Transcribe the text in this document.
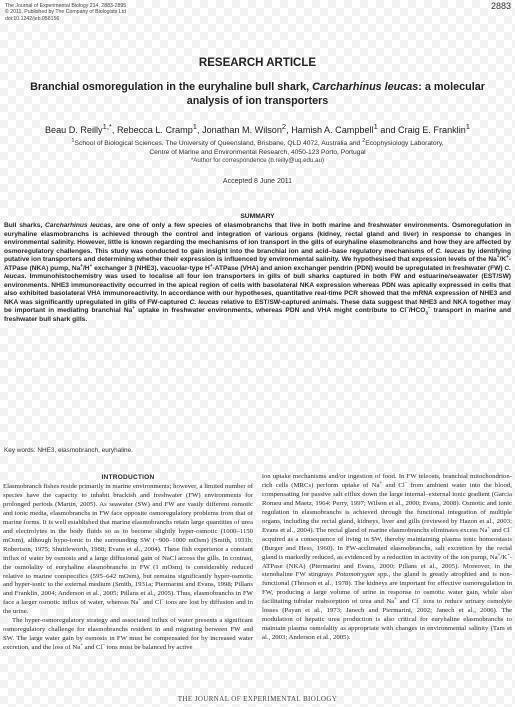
The Journal of Experimental Biology 214, 2883-2895
© 2011. Published by The Company of Biologists Ltd
doi:10.1242/jeb.058156
2883
RESEARCH ARTICLE
Branchial osmoregulation in the euryhaline bull shark, Carcharhinus leucas: a molecular analysis of ion transporters
Beau D. Reilly$^{1,*}$, Rebecca L. Cramp$^1$, Jonathan M. Wilson$^2$, Hamish A. Campbell$^1$ and Craig E. Franklin$^1$
$^1$School of Biological Sciences, The University of Queensland, Brisbane, QLD 4072, Australia and $^2$Ecophysiology Laboratory,
Centre of Marine and Environmental Research, 4050-123 Porto, Portugal
*Author for correspondence (b.reilly@uq.edu.au)
Accepted 8 June 2011
SUMMARY
Bull sharks, Carcharhinus leucas, are one of only a few species of elasmobranchs that live in both marine and freshwater environments. Osmoregulation in euryhaline elasmobranchs is achieved through the control and integration of various organs (kidney, rectal gland and liver) in response to changes in environmental salinity. However, little is known regarding the mechanisms of ion transport in the gills of euryhaline elasmobranchs and how they are affected by osmoregulatory challenges. This study was conducted to gain insight into the branchial ion and acid–base regulatory mechanisms of C. leucas by identifying putative ion transporters and determining whether their expression is influenced by environmental salinity. We hypothesised that expression levels of the Na+/K+-ATPase (NKA) pump, Na+/H+ exchanger 3 (NHE3), vacuolar-type H+-ATPase (VHA) and anion exchanger pendrin (PDN) would be upregulated in freshwater (FW) C. leucas. Immunohistochemistry was used to localise all four ion transporters in gills of bull sharks captured in both FW and estuarine/seawater (EST/SW) environments. NHE3 immunoreactivity occurred in the apical region of cells with basolateral NKA expression whereas PDN was apically expressed in cells that also exhibited basolateral VHA immunoreactivity. In accordance with our hypotheses, quantitative real-time PCR showed that the mRNA expression of NHE3 and NKA was significantly upregulated in gills of FW-captured C. leucas relative to EST/SW-captured animals. These data suggest that NHE3 and NKA together may be important in mediating branchial Na+ uptake in freshwater environments, whereas PDN and VHA might contribute to $Cl^-/HCO_3^-$ transport in marine and freshwater bull shark gills.
Key words: NHE3, elasmobranch, euryhaline.
INTRODUCTION

Elasmobranch fishes reside primarily in marine environments; however, a limited number of species have the capacity to inhabit brackish and freshwater (FW) environments for prolonged periods (Martin, 2005). As seawater (SW) and FW are vastly different osmotic and ionic media, elasmobranchs in FW face opposite osmoregulatory problems from that of marine forms. It is well established that marine elasmobranchs retain large quantities of urea and electrolytes in the body fluids so as to become slightly hyper-osmotic (1000–1150 mOsm), although hypo-ionic to the surrounding SW (~900–1000 mOsm) (Smith, 1931b; Robertson, 1975; Shuttleworth, 1988; Evans et al., 2004). These fish experience a constant influx of water by osmosis and a large diffusional gain of NaCl across the gills. In contrast, the osmolality of euryhaline elasmobranchs in FW (1 mOsm) is considerably reduced relative to marine conspecifics (595–642 mOsm), but remains significantly hyper-osmotic and hyper-ionic to the external medium (Smith, 1931a; Piermarini and Evans, 1998; Pillans and Franklin, 2004; Anderson et al., 2005; Pillans et al., 2005). Thus, elasmobranchs in FW face a larger osmotic influx of water, whereas Na+ and Cl– ions are lost by diffusion and in the urine.

The hyper-osmoregulatory strategy and associated influx of water presents a significant osmoregulatory challenge for elasmobranchs resident in and migrating between FW and SW. The large water gain by osmosis in FW must be compensated for by increased water excretion, and the loss of Na+ and Cl– ions must be balanced by active

ion uptake mechanisms and/or ingestion of food. In FW teleosts, branchial mitochondrion-rich cells (MRCs) perform uptake of Na+ and Cl– from ambient water into the blood, compensating for passive salt efflux down the large internal–external ionic gradient (Garcia Romeu and Maetz, 1964; Perry, 1997; Wilson et al., 2000; Evans, 2008). Osmotic and ionic regulation in elasmobranchs is achieved through the functional integration of multiple organs, including the rectal gland, kidneys, liver and gills (reviewed by Hazon et al., 2003; Evans et al., 2004). The rectal gland of marine elasmobranchs eliminates excess Na+ and Cl– acquired as a consequence of living in SW, thereby maintaining plasma ionic homeostasis (Burger and Hess, 1960). In FW-acclimated elasmobranchs, salt excretion by the rectal gland is markedly reduced, as evidenced by a reduction in activity of the ion pump, Na+/K+-ATPase (NKA) (Piermarini and Evans, 2000; Pillans et al., 2005). Moreover, in the stenohaline FW stingrays Potamotrygon spp., the gland is greatly atrophied and is non-functional (Thorson et al., 1978). The kidneys are important for effective osmoregulation in FW, producing a large volume of urine in response to osmotic water gain, while also facilitating tubular reabsorption of urea and Na+ and Cl– ions to reduce urinary osmolyte losses (Payan et al., 1973; Janech and Piermarini, 2002; Janech et al., 2006). The modulation of hepatic urea production is also critical for euryhaline elasmobranchs to maintain plasma osmolality as appropriate with changes in environmental salinity (Tam et al., 2003; Anderson et al., 2005).

THE JOURNAL OF EXPERIMENTAL BIOLOGY
